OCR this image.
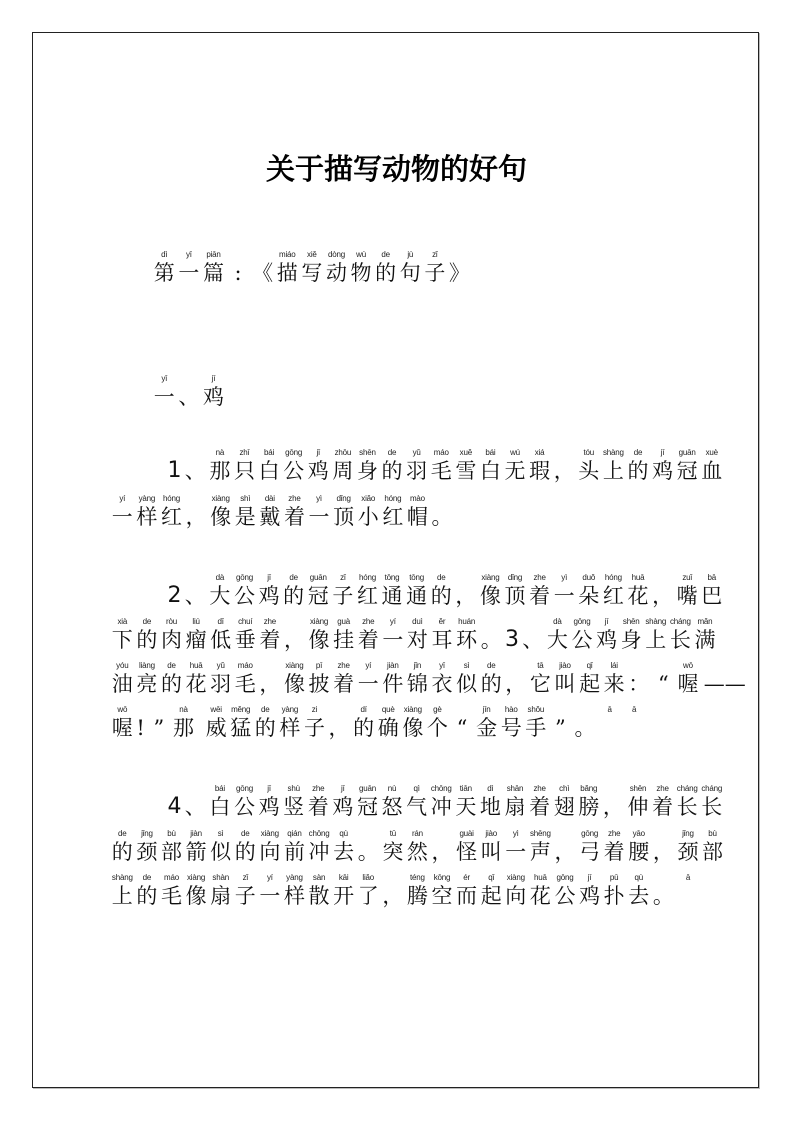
关于描写动物的好句
dì
第
yī
一
piān
篇 : 《
miáo
描
xiě
写
dòng
动
wù
物
de
的
jù
句
zǐ
子 》
yī
一 、
jī
鸡
1 、
nà
那
zhī
只
bái
白
gōng
公
jī
鸡
zhōu
周
shēn
身
de
的
yǔ
羽
máo
毛
xuě
雪
bái
白
wú
无
xiá
瑕 ，
tóu
头
shàng
上
de
的
jī
鸡
guān
冠
xuè
血
yí
一
yàng
样
hóng
红 ，
xiàng
像
shì
是
dài
戴
zhe
着
yì
一
dǐng
顶
xiǎo
小
hóng
红
mào
帽 。
2 、
dà
大
gōng
公
jī
鸡
de
的
guān
冠
zǐ
子
hóng
红
tōng
通
tōng
通
de
的 ，
xiàng
像
dǐng
顶
zhe
着
yì
一
duǒ
朵
hóng
红
huā
花 ，
zuǐ
嘴
bā
巴
xià
下
de
的
ròu
肉
liú
瘤
dī
低
chuí
垂
zhe
着 ，
xiàng
像
guà
挂
zhe
着
yí
一
duì
对
ěr
耳
huán
环 。 3 、
dà
大
gōng
公
jī
鸡
shēn
身
shàng
上
cháng
长
mǎn
满
yóu
油
liàng
亮
de
的
huā
花
yǔ
羽
máo
毛 ，
xiàng
像
pī
披
zhe
着
yí
一
jiàn
件
jǐn
锦
yī
衣
sì
似
de
的 ，
tā
它
jiào
叫
qǐ
起
lái
来 ： “
wō
喔 ——
wō
喔 ! ”
nà
那
wēi
威
měng
猛
de
的
yàng
样
zi
子 ，
dí
的
què
确
xiàng
像
gè
个 “
jīn
金
hào
号
shǒu
手 ” 。
ā	ā
4 、
bái
白
gōng
公
jī
鸡
shù
竖
zhe
着
jī
鸡
guān
冠
nù
怒
qì
气
chōng
冲
tiān
天
dì
地
shān
扇
zhe
着
chì
翅
bǎng
膀 ，
shēn
伸
zhe
着
cháng
长
cháng
长
de
的
jǐng
颈
bù
部
jiàn
箭
sì
似
de
的
xiàng
向
qián
前
chōng
冲
qù
去 。
tū
突
rán
然 ，
guài
怪
jiào
叫
yì
一
shēng
声 ，
gōng
弓
zhe
着
yāo
腰 ，
jǐng
颈
bù
部
shàng
上
de
的
máo
毛
xiàng
像
shàn
扇
zǐ
子
yí
一
yàng
样
sàn
散
kāi
开
liǎo
了 ，
téng
腾
kōng
空
ér
而
qǐ
起
xiàng
向
huā
花
gōng
公
jī
鸡
pū
扑
qù
去 。
ā
